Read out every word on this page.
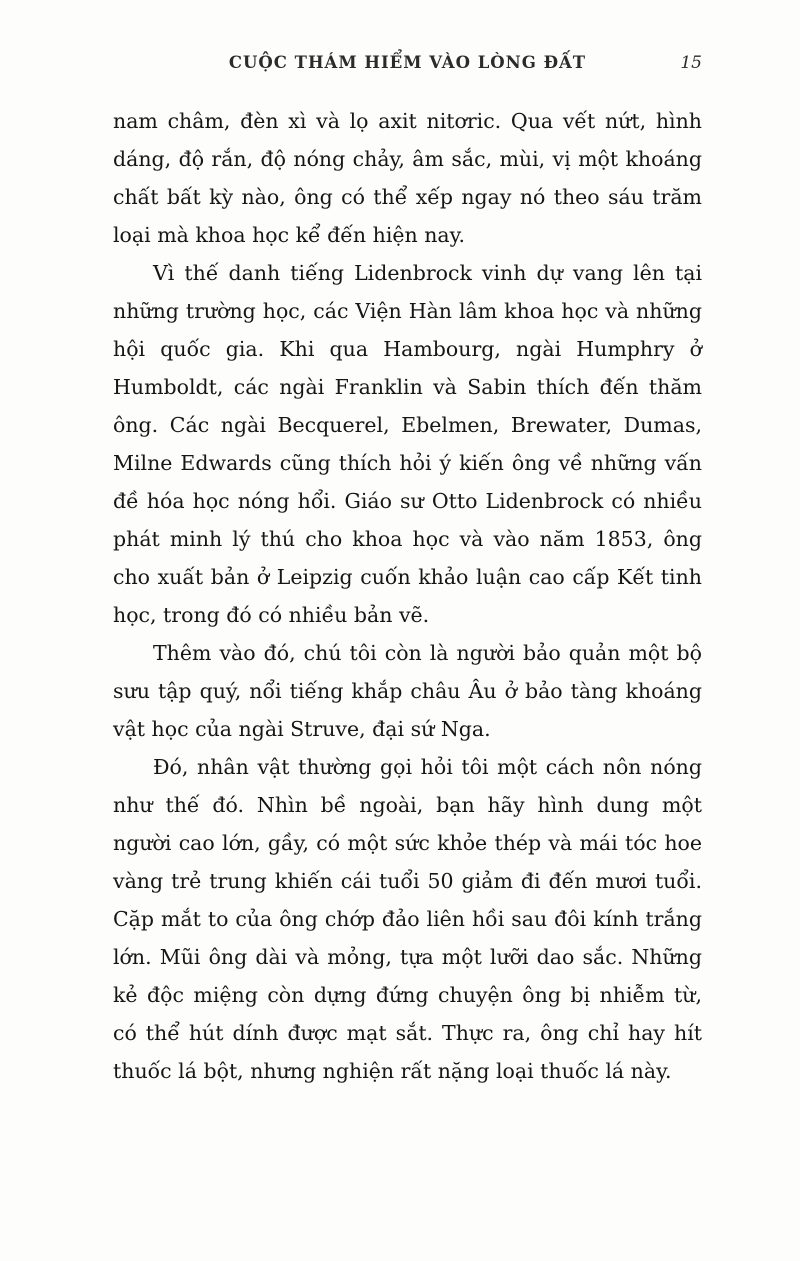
CUỘC THÁM HIỂM VÀO LÒNG ĐẤT	15

nam châm, đèn xì và lọ axit nitơric. Qua vết nứt, hình dáng, độ rắn, độ nóng chảy, âm sắc, mùi, vị một khoáng chất bất kỳ nào, ông có thể xếp ngay nó theo sáu trăm loại mà khoa học kể đến hiện nay.

Vì thế danh tiếng Lidenbrock vinh dự vang lên tại những trường học, các Viện Hàn lâm khoa học và những hội quốc gia. Khi qua Hambourg, ngài Humphry ở Humboldt, các ngài Franklin và Sabin thích đến thăm ông. Các ngài Becquerel, Ebelmen, Brewater, Dumas, Milne Edwards cũng thích hỏi ý kiến ông về những vấn đề hóa học nóng hổi. Giáo sư Otto Lidenbrock có nhiều phát minh lý thú cho khoa học và vào năm 1853, ông cho xuất bản ở Leipzig cuốn khảo luận cao cấp Kết tinh học, trong đó có nhiều bản vẽ.

Thêm vào đó, chú tôi còn là người bảo quản một bộ sưu tập quý, nổi tiếng khắp châu Âu ở bảo tàng khoáng vật học của ngài Struve, đại sứ Nga.

Đó, nhân vật thường gọi hỏi tôi một cách nôn nóng như thế đó. Nhìn bề ngoài, bạn hãy hình dung một người cao lớn, gầy, có một sức khỏe thép và mái tóc hoe vàng trẻ trung khiến cái tuổi 50 giảm đi đến mươi tuổi. Cặp mắt to của ông chớp đảo liên hồi sau đôi kính trắng lớn. Mũi ông dài và mỏng, tựa một lưỡi dao sắc. Những kẻ độc miệng còn dựng đứng chuyện ông bị nhiễm từ, có thể hút dính được mạt sắt. Thực ra, ông chỉ hay hít thuốc lá bột, nhưng nghiện rất nặng loại thuốc lá này.
